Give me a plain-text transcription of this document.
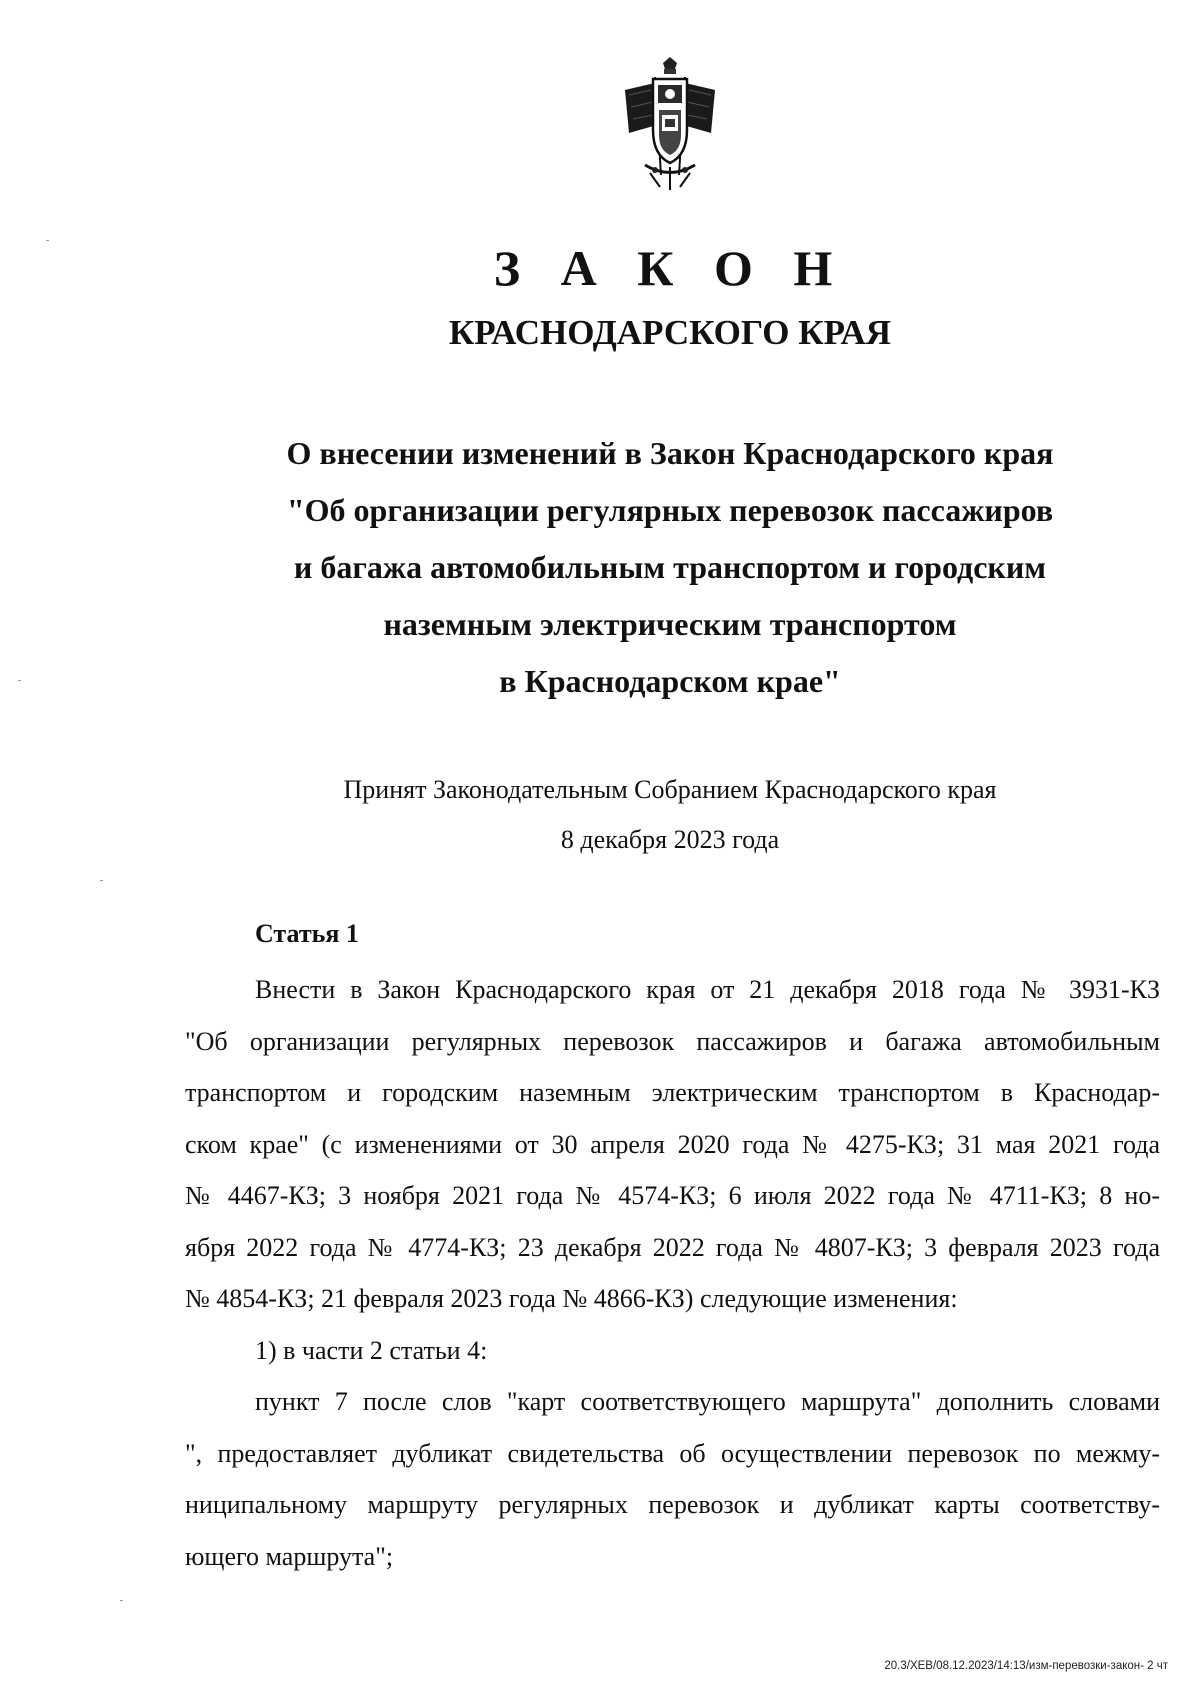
З А К О Н
КРАСНОДАРСКОГО КРАЯ
О внесении изменений в Закон Краснодарского края
"Об организации регулярных перевозок пассажиров
и багажа автомобильным транспортом и городским
наземным электрическим транспортом
в Краснодарском крае"
Принят Законодательным Собранием Краснодарского края
8 декабря 2023 года
Статья 1
Внести в Закон Краснодарского края от 21 декабря 2018 года № 3931-КЗ
"Об организации регулярных перевозок пассажиров и багажа автомобильным
транспортом и городским наземным электрическим транспортом в Краснодар-
ском крае" (с изменениями от 30 апреля 2020 года № 4275-КЗ; 31 мая 2021 года
№ 4467-КЗ; 3 ноября 2021 года № 4574-КЗ; 6 июля 2022 года № 4711-КЗ; 8 но-
ября 2022 года № 4774-КЗ; 23 декабря 2022 года № 4807-КЗ; 3 февраля 2023 года
№ 4854-КЗ; 21 февраля 2023 года № 4866-КЗ) следующие изменения:
1) в части 2 статьи 4:
пункт 7 после слов "карт соответствующего маршрута" дополнить словами
", предоставляет дубликат свидетельства об осуществлении перевозок по межму-
ниципальному маршруту регулярных перевозок и дубликат карты соответству-
ющего маршрута";
20.3/ХЕВ/08.12.2023/14:13/изм-перевозки-закон- 2 чт
